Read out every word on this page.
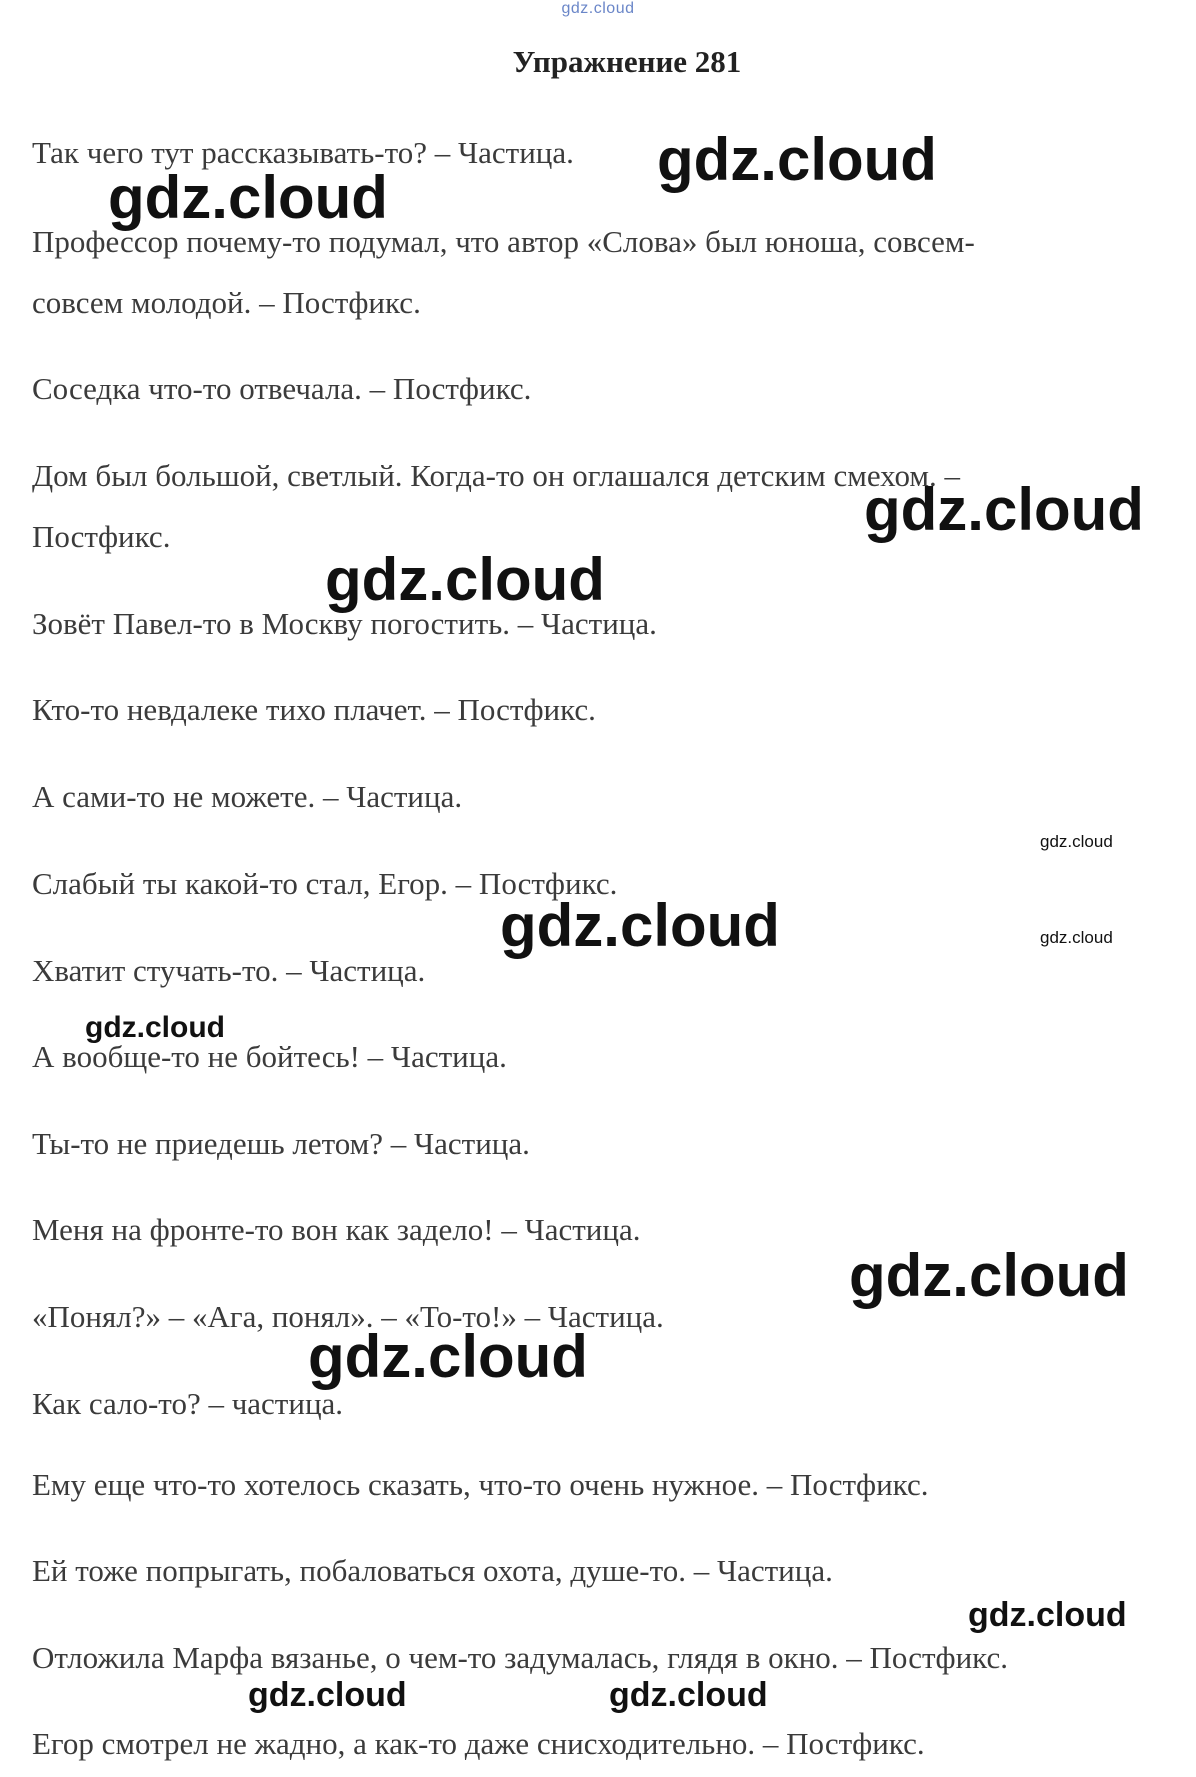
gdz.cloud
Упражнение 281
Так чего тут рассказывать-то? – Частица.
Профессор почему-то подумал, что автор «Слова» был юноша, совсем-
совсем молодой. – Постфикс.
Соседка что-то отвечала. – Постфикс.
Дом был большой, светлый. Когда-то он оглашался детским смехом. –
Постфикс.
Зовёт Павел-то в Москву погостить. – Частица.
Кто-то невдалеке тихо плачет. – Постфикс.
А сами-то не можете. – Частица.
Слабый ты какой-то стал, Егор. – Постфикс.
Хватит стучать-то. – Частица.
А вообще-то не бойтесь! – Частица.
Ты-то не приедешь летом? – Частица.
Меня на фронте-то вон как задело! – Частица.
«Понял?» – «Ага, понял». – «То-то!» – Частица.
Как сало-то? – частица.
Ему еще что-то хотелось сказать, что-то очень нужное. – Постфикс.
Ей тоже попрыгать, побаловаться охота, душе-то. – Частица.
Отложила Марфа вязанье, о чем-то задумалась, глядя в окно. – Постфикс.
Егор смотрел не жадно, а как-то даже снисходительно. – Постфикс.
gdz.cloud
gdz.cloud
gdz.cloud
gdz.cloud
gdz.cloud
gdz.cloud	gdz.cloud
gdz.cloud
gdz.cloud
gdz.cloud
gdz.cloud
gdz.cloud	gdz.cloud
